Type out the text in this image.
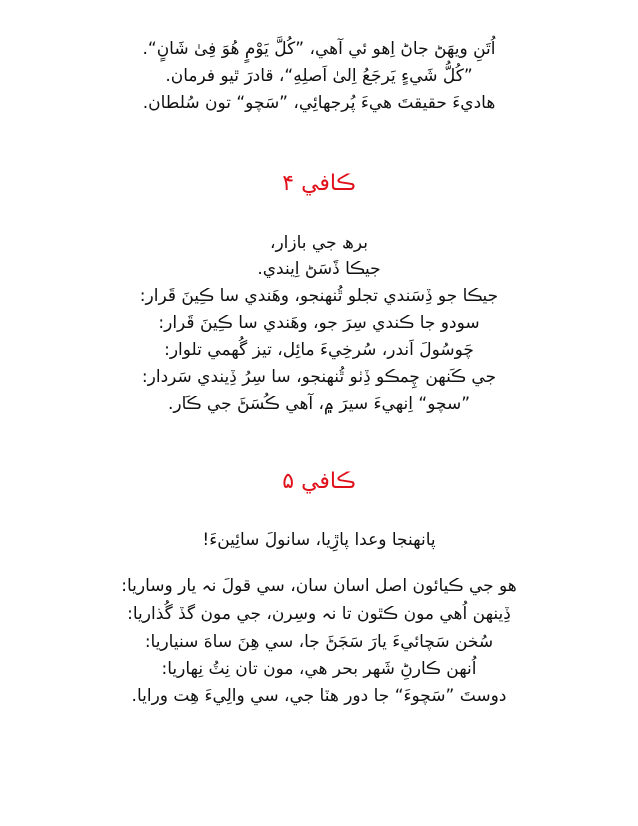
اُتَنِ ويهَڻ جاڻ اِهو ئي آهي، ”كُلَّ يَوْمٍ هُوَ فِىٰ شَانٍ“.
”كُلُّ شَيءٍ يَرجَعُ اِلىٰ اَصلِهِ“، قادرَ ٿيو فرمان.
هاديءَ حقيقتَ هيءَ پُرجهائِي، ”سَچو“ تون سُلطان.
ڪافي ۴
برھ جي بازار،
جيڪا ڏَسَڻ اِيندي.
جيڪا جو ڏِسَندي تجلو ٿُنھنجو، وهَندي سا ڪِينَ قَرار:
سودو جا ڪندي سِرَ جو، وهَندي سا ڪِينَ قَرار:
چَوسُولَ اَندر، سُرخِيءَ مائِل، تيز گُهمي تلوار:
جي ڪَنھن چِمڪو ڏِٺو ٿُنھنجو، سا سِرُ ڏِيندي سَردار:
”سچو“ اِنھيءَ سيرَ ۾، آهي ڪُسَڻَ جي ڪَار.
ڪافي ۵
پانھنجا وعدا پاڙِيا، سانولَ سائِينءَ!
هو جي ڪيائون اصل اسان سان، سي قولَ نہ يار وساريا:
ڏِينھن اُهي مون ڪٿون تا نہ وسِرن، جي مون گڏ گُذاريا:
سُخن سَچائيءَ يارَ سَجَڻَ جا، سي هِنَ ساهَ سنياريا:
اُنھن ڪارڻِ شَهر بحر هي، مون تان نِٽُ نِهاريا:
دوستَ ”سَچوءَ“ جا دور هٽا جي، سي والِيءَ هِت ورايا.
